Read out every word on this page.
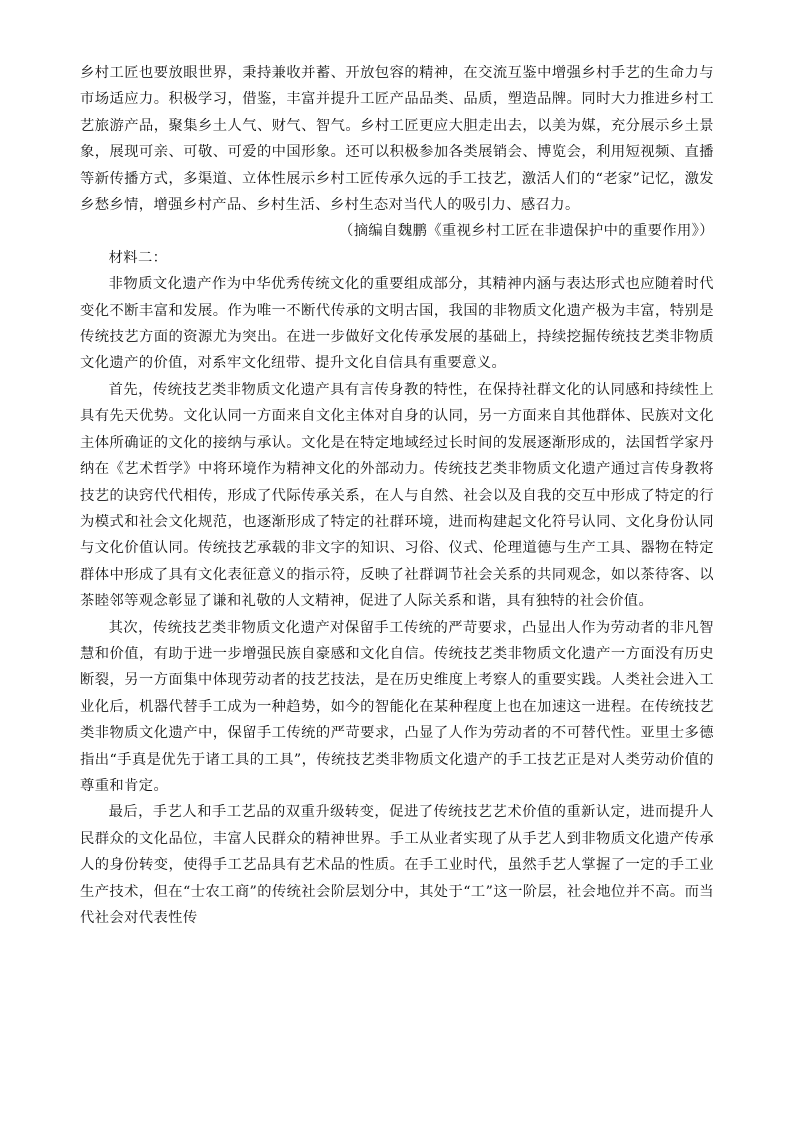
乡村工匠也要放眼世界，秉持兼收并蓄、开放包容的精神，在交流互鉴中增强乡村手艺的生命力与市场适应力。积极学习，借鉴，丰富并提升工匠产品品类、品质，塑造品牌。同时大力推进乡村工艺旅游产品，聚集乡土人气、财气、智气。乡村工匠更应大胆走出去，以美为媒，充分展示乡土景象，展现可亲、可敬、可爱的中国形象。还可以积极参加各类展销会、博览会，利用短视频、直播等新传播方式，多渠道、立体性展示乡村工匠传承久远的手工技艺，激活人们的“老家”记忆，激发乡愁乡情，增强乡村产品、乡村生活、乡村生态对当代人的吸引力、感召力。

（摘编自魏鹏《重视乡村工匠在非遗保护中的重要作用》）

材料二：

非物质文化遗产作为中华优秀传统文化的重要组成部分，其精神内涵与表达形式也应随着时代变化不断丰富和发展。作为唯一不断代传承的文明古国，我国的非物质文化遗产极为丰富，特别是传统技艺方面的资源尤为突出。在进一步做好文化传承发展的基础上，持续挖掘传统技艺类非物质文化遗产的价值，对系牢文化纽带、提升文化自信具有重要意义。

首先，传统技艺类非物质文化遗产具有言传身教的特性，在保持社群文化的认同感和持续性上具有先天优势。文化认同一方面来自文化主体对自身的认同，另一方面来自其他群体、民族对文化主体所确证的文化的接纳与承认。文化是在特定地域经过长时间的发展逐渐形成的，法国哲学家丹纳在《艺术哲学》中将环境作为精神文化的外部动力。传统技艺类非物质文化遗产通过言传身教将技艺的诀窍代代相传，形成了代际传承关系，在人与自然、社会以及自我的交互中形成了特定的行为模式和社会文化规范，也逐渐形成了特定的社群环境，进而构建起文化符号认同、文化身份认同与文化价值认同。传统技艺承载的非文字的知识、习俗、仪式、伦理道德与生产工具、器物在特定群体中形成了具有文化表征意义的指示符，反映了社群调节社会关系的共同观念，如以茶待客、以茶睦邻等观念彰显了谦和礼敬的人文精神，促进了人际关系和谐，具有独特的社会价值。

其次，传统技艺类非物质文化遗产对保留手工传统的严苛要求，凸显出人作为劳动者的非凡智慧和价值，有助于进一步增强民族自豪感和文化自信。传统技艺类非物质文化遗产一方面没有历史断裂，另一方面集中体现劳动者的技艺技法，是在历史维度上考察人的重要实践。人类社会进入工业化后，机器代替手工成为一种趋势，如今的智能化在某种程度上也在加速这一进程。在传统技艺类非物质文化遗产中，保留手工传统的严苛要求，凸显了人作为劳动者的不可替代性。亚里士多德指出“手真是优先于诸工具的工具”，传统技艺类非物质文化遗产的手工技艺正是对人类劳动价值的尊重和肯定。

最后，手艺人和手工艺品的双重升级转变，促进了传统技艺艺术价值的重新认定，进而提升人民群众的文化品位，丰富人民群众的精神世界。手工从业者实现了从手艺人到非物质文化遗产传承人的身份转变，使得手工艺品具有艺术品的性质。在手工业时代，虽然手艺人掌握了一定的手工业生产技术，但在“士农工商”的传统社会阶层划分中，其处于“工”这一阶层，社会地位并不高。而当代社会对代表性传
